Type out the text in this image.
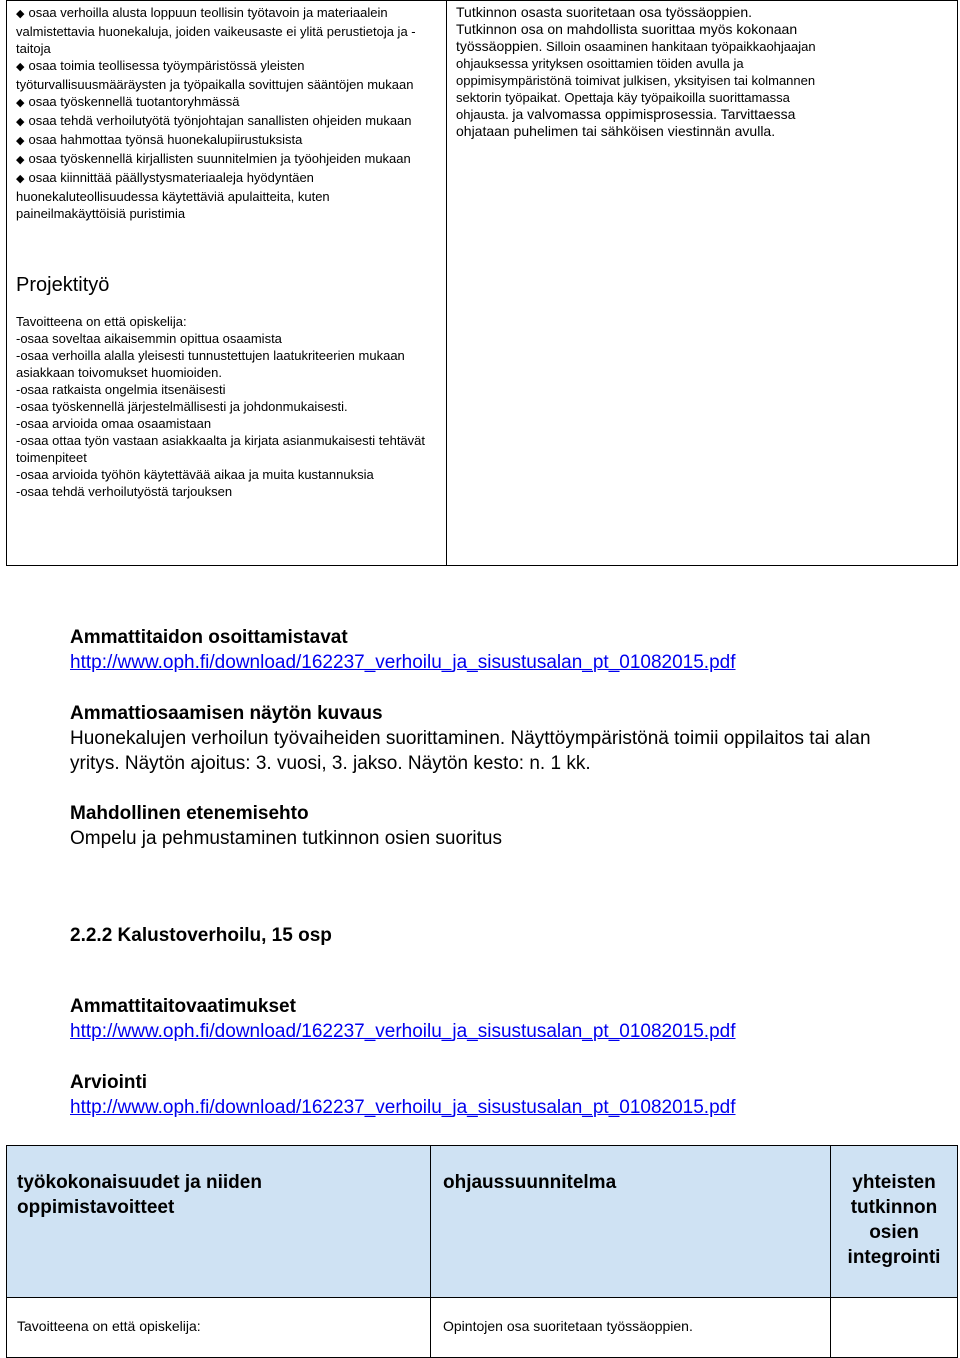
◆ osaa verhoilla alusta loppuun teollisin työtavoin ja materiaalein valmistettavia huonekaluja, joiden vaikeusaste ei ylitä perustietoja ja -taitoja
◆ osaa toimia teollisessa työympäristössä yleisten työturvallisuusmääräysten ja työpaikalla sovittujen sääntöjen mukaan
◆ osaa työskennellä tuotantoryhmässä
◆ osaa tehdä verhoilutyötä työnjohtajan sanallisten ohjeiden mukaan
◆ osaa hahmottaa työnsä huonekalupiirustuksista
◆ osaa työskennellä kirjallisten suunnitelmien ja työohjeiden mukaan
◆ osaa kiinnittää päällystysmateriaaleja hyödyntäen huonekaluteollisuudessa käytettäviä apulaitteita, kuten paineilmakäyttöisiä puristimia
Tutkinnon osasta suoritetaan osa työssäoppien. Tutkinnon osa on mahdollista suorittaa myös kokonaan työssäoppien. Silloin osaaminen hankitaan työpaikkaohjaajan ohjauksessa yrityksen osoittamien töiden avulla ja oppimisympäristönä toimivat julkisen, yksityisen tai kolmannen sektorin työpaikat. Opettaja käy työpaikoilla suorittamassa ohjausta. ja valvomassa oppimisprosessia. Tarvittaessa ohjataan puhelimen tai sähköisen viestinnän avulla.
Projektityö
Tavoitteena on että opiskelija:
-osaa soveltaa aikaisemmin opittua osaamista
-osaa verhoilla alalla yleisesti tunnustettujen laatukriteerien mukaan asiakkaan toivomukset huomioiden.
-osaa ratkaista ongelmia itsenäisesti
-osaa työskennellä järjestelmällisesti ja johdonmukaisesti.
-osaa arvioida omaa osaamistaan
-osaa ottaa työn vastaan asiakkaalta ja kirjata asianmukaisesti tehtävät toimenpiteet
-osaa arvioida työhön käytettävää aikaa ja muita kustannuksia
-osaa tehdä verhoilutyöstä tarjouksen
Ammattitaidon osoittamistavat
http://www.oph.fi/download/162237_verhoilu_ja_sisustusalan_pt_01082015.pdf
Ammattiosaamisen näytön kuvaus
Huonekalujen verhoilun työvaiheiden suorittaminen. Näyttöympäristönä toimii oppilaitos tai alan yritys. Näytön ajoitus: 3. vuosi, 3. jakso. Näytön kesto: n. 1 kk.
Mahdollinen etenemisehto
Ompelu ja pehmustaminen tutkinnon osien suoritus
2.2.2 Kalustoverhoilu, 15 osp
Ammattitaitovaatimukset
http://www.oph.fi/download/162237_verhoilu_ja_sisustusalan_pt_01082015.pdf
Arviointi
http://www.oph.fi/download/162237_verhoilu_ja_sisustusalan_pt_01082015.pdf
työkokonaisuudet ja niiden oppimistavoitteet
ohjaussuunnitelma	yhteisten tutkinnon osien integrointi
Tavoitteena on että opiskelija:	Opintojen osa suoritetaan työssäoppien.
